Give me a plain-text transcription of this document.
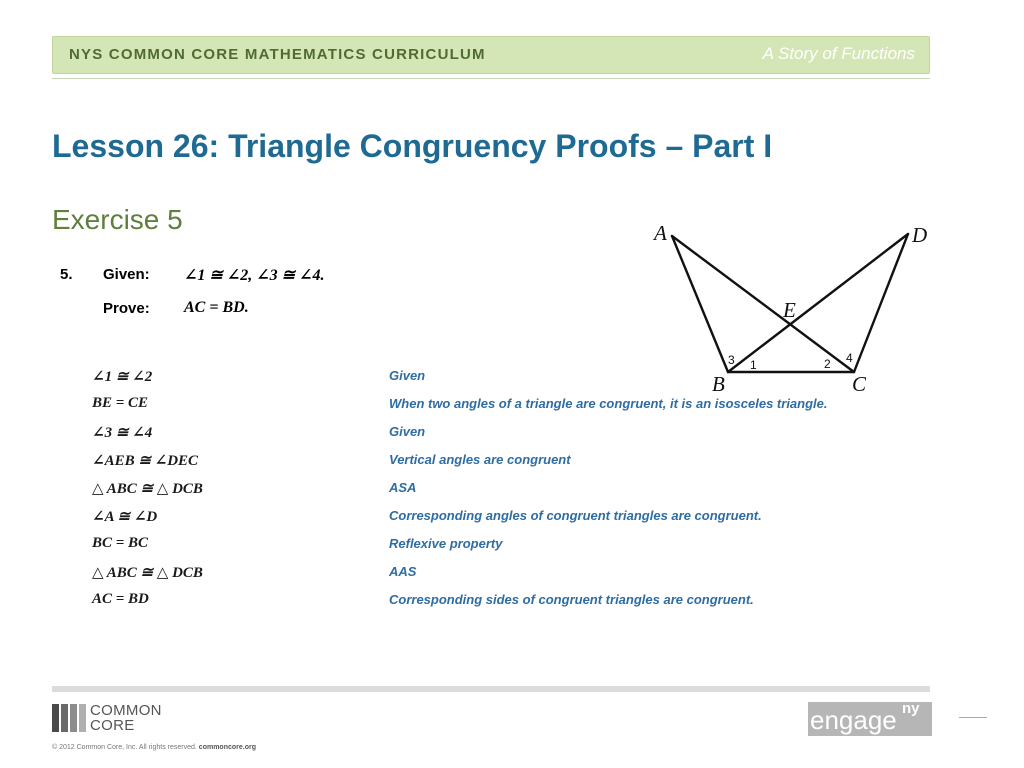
NYS COMMON CORE MATHEMATICS CURRICULUM	A Story of Functions
Lesson 26: Triangle Congruency Proofs – Part I
Exercise 5
5. Given: ∠1 ≅ ∠2, ∠3 ≅ ∠4.
Prove: AC = BD.
∠1 ≅ ∠2	Given
BE = CE	When two angles of a triangle are congruent, it is an isosceles triangle.
∠3 ≅ ∠4	Given
∠AEB ≅ ∠DEC	Vertical angles are congruent
△ ABC ≅ △ DCB	ASA
∠A ≅ ∠D	Corresponding angles of congruent triangles are congruent.
BC = BC	Reflexive property
△ ABC ≅ △ DCB	AAS
AC = BD	Corresponding sides of congruent triangles are congruent.
A	D
E
B	C
3 1	2 4
COMMON
CORE
© 2012 Common Core, Inc. All rights reserved. commoncore.org
engage ny
